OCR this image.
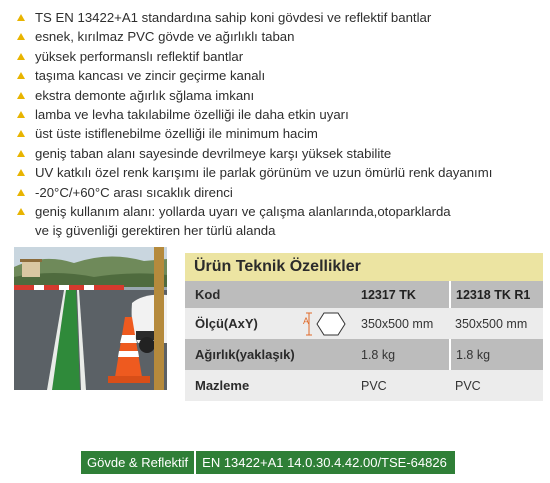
TS EN 13422+A1 standardına sahip koni gövdesi ve reflektif bantlar
esnek, kırılmaz PVC gövde ve ağırlıklı taban
yüksek performanslı reflektif bantlar
taşıma kancası ve zincir geçirme kanalı
ekstra demonte ağırlık sğlama imkanı
lamba ve levha takılabilme özelliği ile daha etkin uyarı
üst üste istiflenebilme özelliği ile minimum hacim
geniş taban alanı sayesinde devrilmeye karşı yüksek stabilite
UV katkılı özel renk karışımı ile parlak görünüm ve uzun ömürlü renk dayanımı
-20°C/+60°C arası sıcaklık direnci
geniş kullanım alanı: yollarda uyarı ve çalışma alanlarında,otoparklarda
ve iş güvenliği gerektiren her türlü alanda
Ürün Teknik Özellikler
Kod		12317 TK	12318 TK R1
Ölçü(AxY)	A	350x500 mm	350x500 mm
Ağırlık(yaklaşık)		1.8 kg	1.8 kg
Mazleme		PVC	PVC
Gövde & Reflektif	EN 13422+A1 14.0.30.4.42.00/TSE-64826
